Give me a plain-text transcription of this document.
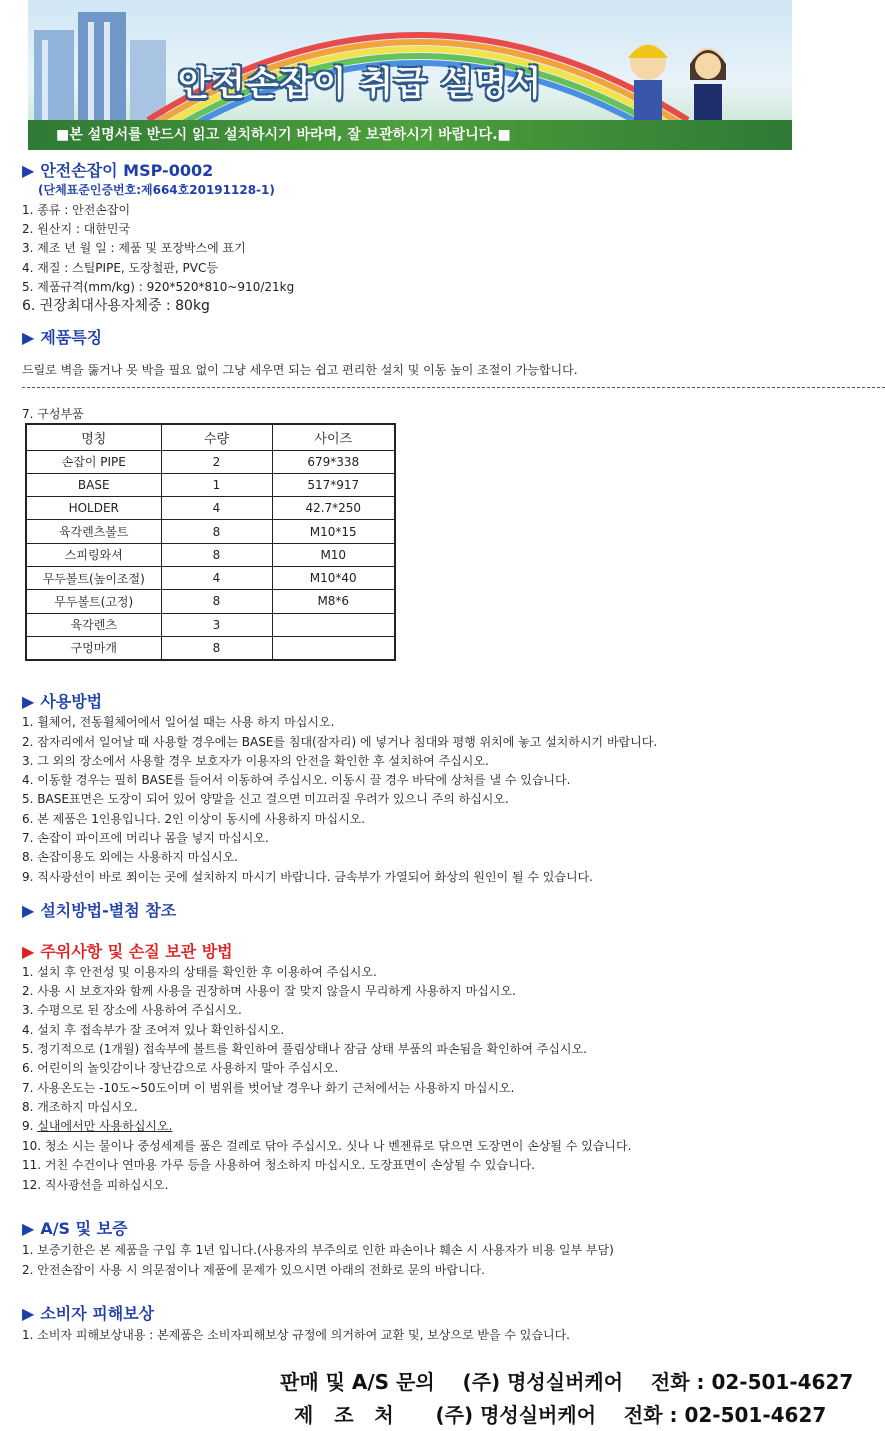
안전손잡이 취급 설명서
■본 설명서를 반드시 읽고 설치하시기 바라며, 잘 보관하시기 바랍니다.■
▶ 안전손잡이 MSP-0002
(단체표준인증번호:제664호20191128-1)
1. 종류 : 안전손잡이
2. 원산지 : 대한민국
3. 제조 년 월 일 : 제품 및 포장박스에 표기
4. 재질 : 스틸PIPE, 도장철판, PVC등
5. 제품규격(mm/kg) : 920*520*810~910/21kg
6. 권장최대사용자체중 : 80kg
▶ 제품특징
드릴로 벽을 뚫거나 못 박을 필요 없이 그냥 세우면 되는 쉽고 편리한 설치 및 이동 높이 조절이 가능합니다.
7. 구성부품
명칭	수량	사이즈
손잡이 PIPE	2	679*338
BASE	1	517*917
HOLDER	4	42.7*250
육각렌츠볼트	8	M10*15
스피링와셔	8	M10
무두볼트(높이조절)	4	M10*40
무두볼트(고정)	8	M8*6
육각렌츠	3	
구멍마개	8	
▶ 사용방법
1. 휠체어, 전동휠체어에서 일어설 때는 사용 하지 마십시오.
2. 잠자리에서 일어날 때 사용할 경우에는 BASE를 침대(잠자리) 에 넣거나 침대와 평행 위치에 놓고 설치하시기 바랍니다.
3. 그 외의 장소에서 사용할 경우 보호자가 이용자의 안전을 확인한 후 설치하여 주십시오.
4. 이동할 경우는 필히 BASE를 들어서 이동하여 주십시오. 이동시 끌 경우 바닥에 상처를 낼 수 있습니다.
5. BASE표면은 도장이 되어 있어 양말을 신고 걸으면 미끄러질 우려가 있으니 주의 하십시오.
6. 본 제품은 1인용입니다. 2인 이상이 동시에 사용하지 마십시오.
7. 손잡이 파이프에 머리나 몸을 넣지 마십시오.
8. 손잡이용도 외에는 사용하지 마십시오.
9. 직사광선이 바로 쬐이는 곳에 설치하지 마시기 바랍니다. 금속부가 가열되어 화상의 원인이 될 수 있습니다.
▶ 설치방법-별첨 참조
▶ 주위사항 및 손질 보관 방법
1. 설치 후 안전성 및 이용자의 상태를 확인한 후 이용하여 주십시오.
2. 사용 시 보호자와 함께 사용을 권장하며 사용이 잘 맞지 않을시 무리하게 사용하지 마십시오.
3. 수평으로 된 장소에 사용하여 주십시오.
4. 설치 후 접속부가 잘 조여져 있나 확인하십시오.
5. 정기적으로 (1개월) 접속부에 볼트를 확인하여 풀림상태나 잠금 상태 부품의 파손됨을 확인하여 주십시오.
6. 어린이의 놀잇감이나 장난감으로 사용하지 말아 주십시오.
7. 사용온도는 -10도~50도이며 이 범위를 벗어날 경우나 화기 근처에서는 사용하지 마십시오.
8. 개조하지 마십시오.
9. 실내에서만 사용하십시오.
10. 청소 시는 물이나 중성세제를 품은 걸레로 닦아 주십시오. 싯나 나 벤젠류로 닦으면 도장면이 손상될 수 있습니다.
11. 거친 수건이나 연마용 가루 등을 사용하여 청소하지 마십시오. 도장표면이 손상될 수 있습니다.
12. 직사광선을 피하십시오.
▶ A/S 및 보증
1. 보증기한은 본 제품을 구입 후 1년 입니다.(사용자의 부주의로 인한 파손이나 훼손 시 사용자가 비용 일부 부담)
2. 안전손잡이 사용 시 의문점이나 제품에 문제가 있으시면 아래의 전화로 문의 바랍니다.
▶ 소비자 피해보상
1. 소비자 피해보상내용 : 본제품은 소비자피해보상 규정에 의거하여 교환 및, 보상으로 받을 수 있습니다.
판매 및 A/S 문의 (주) 명성실버케어 전화 : 02-501-4627
제   조   처 (주) 명성실버케어 전화 : 02-501-4627
